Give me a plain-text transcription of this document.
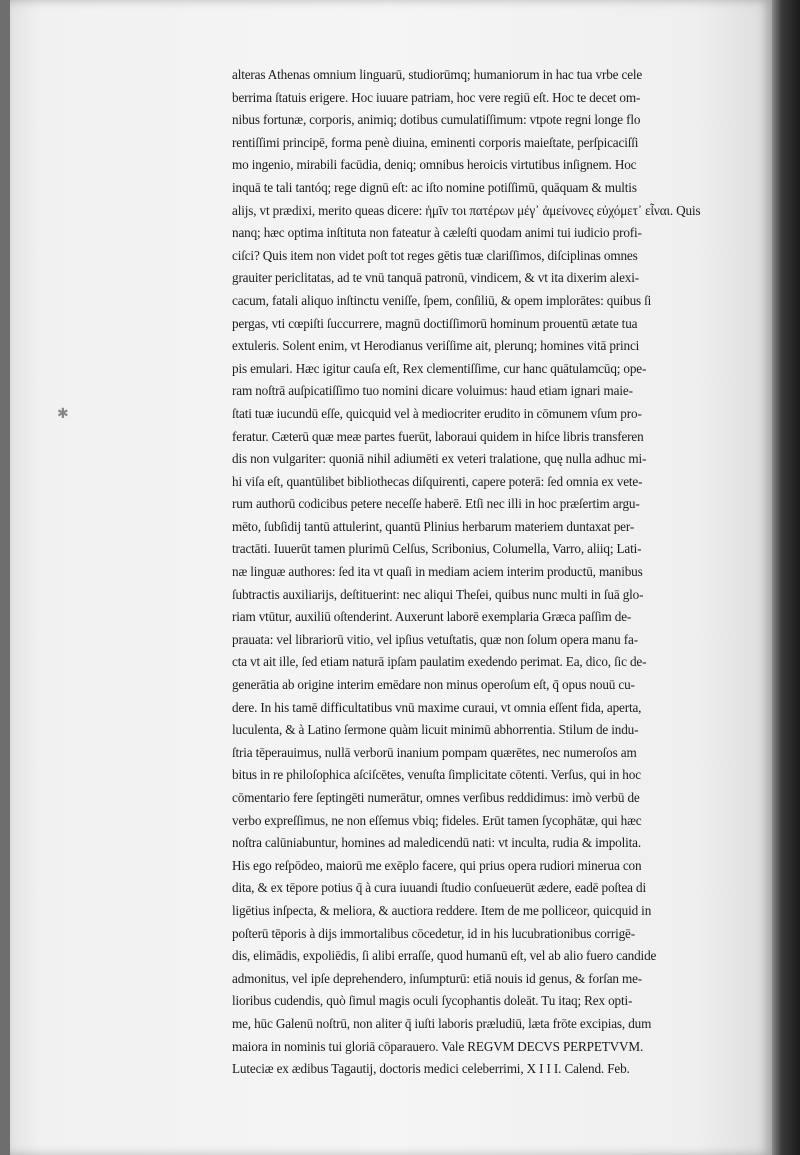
✱
alteras Athenas omnium linguarū, studiorūmq; humaniorum in hac tua vrbe cele
berrima ſtatuis erigere. Hoc iuuare patriam, hoc vere regiū eſt. Hoc te decet om-
nibus fortunæ, corporis, animiq; dotibus cumulatiſſimum: vtpote regni longe flo
rentiſſimi principē, forma penè diuina, eminenti corporis maieſtate, perſpicaciſſi
mo ingenio, mirabili facūdia, deniq; omnibus heroicis virtutibus inſignem. Hoc
inquā te tali tantóq; rege dignū eſt: ac iſto nomine potiſſimū, quāquam & multis
alijs, vt prædixi, merito queas dicere: ἡμῖν τοι πατέρων μέγ᾽ ἀμείνονες εὐχόμετ᾽ εἶναι. Quis
nanq; hæc optima inſtituta non fateatur à cæleſti quodam animi tui iudicio profi-
ciſci? Quis item non videt poſt tot reges gētis tuæ clariſſimos, diſciplinas omnes
grauiter periclitatas, ad te vnū tanquā patronū, vindicem, & vt ita dixerim alexi-
cacum, fatali aliquo inſtinctu veniſſe, ſpem, conſiliū, & opem implorātes: quibus ſi
pergas, vti cœpiſti ſuccurrere, magnū doctiſſimorū hominum prouentū ætate tua
extuleris. Solent enim, vt Herodianus veriſſime ait, plerunq; homines vitā princi
pis emulari. Hæc igitur cauſa eſt, Rex clementiſſime, cur hanc quātulamcūq; ope-
ram noſtrā auſpicatiſſimo tuo nomini dicare voluimus: haud etiam ignari maie-
ſtati tuæ iucundū eſſe, quicquid vel à mediocriter erudito in cōmunem vſum pro-
feratur. Cæterū quæ meæ partes fuerūt, laboraui quidem in hiſce libris transferen
dis non vulgariter: quoniā nihil adiumēti ex veteri tralatione, quę nulla adhuc mi-
hi viſa eſt, quantūlibet bibliothecas diſquirenti, capere poterā: ſed omnia ex vete-
rum authorū codicibus petere neceſſe haberē. Etſi nec illi in hoc præſertim argu-
mēto, ſubſidij tantū attulerint, quantū Plinius herbarum materiem duntaxat per-
tractāti. Iuuerūt tamen plurimū Celſus, Scribonius, Columella, Varro, aliiq; Lati-
næ linguæ authores: ſed ita vt quaſi in mediam aciem interim productū, manibus
ſubtractis auxiliarijs, deſtituerint: nec aliqui Theſei, quibus nunc multi in ſuā glo-
riam vtūtur, auxiliū oſtenderint. Auxerunt laborē exemplaria Græca paſſim de-
prauata: vel librariorū vitio, vel ipſius vetuſtatis, quæ non ſolum opera manu fa-
cta vt ait ille, ſed etiam naturā ipſam paulatim exedendo perimat. Ea, dico, ſic de-
generātia ab origine interim emēdare non minus operoſum eſt, q̄ opus nouū cu-
dere. In his tamē difficultatibus vnū maxime curaui, vt omnia eſſent fida, aperta,
luculenta, & à Latino ſermone quàm licuit minimū abhorrentia. Stilum de indu-
ſtria tēperauimus, nullā verborū inanium pompam quærētes, nec numeroſos am
bitus in re philoſophica aſciſcētes, venuſta ſimplicitate cōtenti. Verſus, qui in hoc
cōmentario fere ſeptingēti numerātur, omnes verſibus reddidimus: imò verbū de
verbo expreſſimus, ne non eſſemus vbiq; fideles. Erūt tamen ſycophātæ, qui hæc
noſtra calūniabuntur, homines ad maledicendū nati: vt inculta, rudia & impolita.
His ego reſpōdeo, maiorū me exēplo facere, qui prius opera rudiori minerua con
dita, & ex tēpore potius q̄ à cura iuuandi ſtudio conſueuerūt ædere, eadē poſtea di
ligētius inſpecta, & meliora, & auctiora reddere. Item de me polliceor, quicquid in
poſterū tēporis à dijs immortalibus cōcedetur, id in his lucubrationibus corrigē-
dis, elimādis, expoliēdis, ſi alibi erraſſe, quod humanū eſt, vel ab alio fuero candide
admonitus, vel ipſe deprehendero, inſumpturū: etiā nouis id genus, & forſan me-
lioribus cudendis, quò ſimul magis oculi ſycophantis doleāt. Tu itaq; Rex opti-
me, hūc Galenū noſtrū, non aliter q̄ iuſti laboris præludiū, læta frōte excipias, dum
maiora in nominis tui gloriā cōparauero. Vale REGVM DECVS PERPETVVM.
Luteciæ ex ædibus Tagautij, doctoris medici celeberrimi, X I I I. Calend. Feb.
